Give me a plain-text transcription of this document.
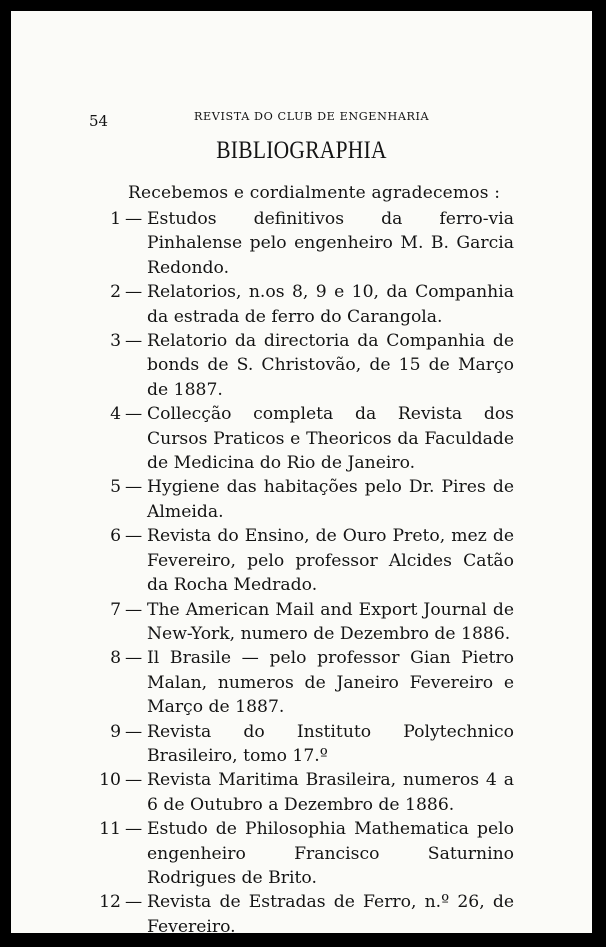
54	REVISTA DO CLUB DE ENGENHARIA
BIBLIOGRAPHIA
Recebemos e cordialmente agradecemos :
1 — Estudos definitivos da ferro-via Pinhalense pelo engenheiro M. B. Garcia Redondo.
2 — Relatorios, n.os 8, 9 e 10, da Companhia da estrada de ferro do Carangola.
3 — Relatorio da directoria da Companhia de bonds de S. Christovão, de 15 de Março de 1887.
4 — Collecção completa da Revista dos Cursos Praticos e Theoricos da Faculdade de Medicina do Rio de Janeiro.
5 — Hygiene das habitações pelo Dr. Pires de Almeida.
6 — Revista do Ensino, de Ouro Preto, mez de Fevereiro, pelo professor Alcides Catão da Rocha Medrado.
7 — The American Mail and Export Journal de New-York, numero de Dezembro de 1886.
8 — Il Brasile — pelo professor Gian Pietro Malan, numeros de Janeiro Fevereiro e Março de 1887.
9 — Revista do Instituto Polytechnico Brasileiro, tomo 17.º
10 — Revista Maritima Brasileira, numeros 4 a 6 de Outubro a Dezembro de 1886.
11 — Estudo de Philosophia Mathematica pelo engenheiro Francisco Saturnino Rodrigues de Brito.
12 — Revista de Estradas de Ferro, n.º 26, de Fevereiro.
